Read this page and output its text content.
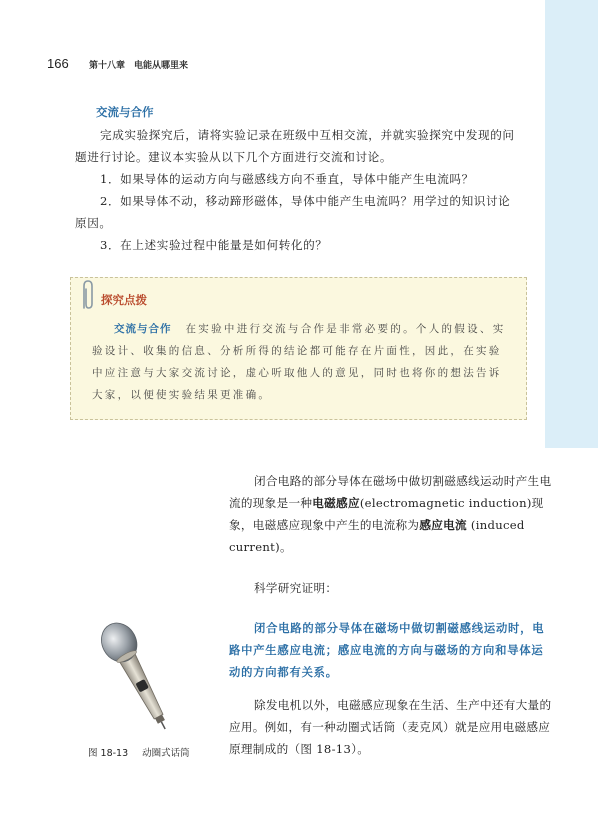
166 第十八章　电能从哪里来
交流与合作
完成实验探究后，请将实验记录在班级中互相交流，并就实验探究中发现的问题进行讨论。建议本实验从以下几个方面进行交流和讨论。
1．如果导体的运动方向与磁感线方向不垂直，导体中能产生电流吗？
2．如果导体不动，移动蹄形磁体，导体中能产生电流吗？用学过的知识讨论原因。
3．在上述实验过程中能量是如何转化的？
探究点拨
交流与合作 在实验中进行交流与合作是非常必要的。个人的假设、实验设计、收集的信息、分析所得的结论都可能存在片面性，因此，在实验中应注意与大家交流讨论，虚心听取他人的意见，同时也将你的想法告诉大家，以便使实验结果更准确。

闭合电路的部分导体在磁场中做切割磁感线运动时产生电流的现象是一种电磁感应(electromagnetic induction)现象，电磁感应现象中产生的电流称为感应电流 (induced current)。

科学研究证明：

闭合电路的部分导体在磁场中做切割磁感线运动时，电路中产生感应电流；感应电流的方向与磁场的方向和导体运动的方向都有关系。

除发电机以外，电磁感应现象在生活、生产中还有大量的应用。例如，有一种动圈式话筒（麦克风）就是应用电磁感应原理制成的（图 18-13）。

图 18-13 动圈式话筒
